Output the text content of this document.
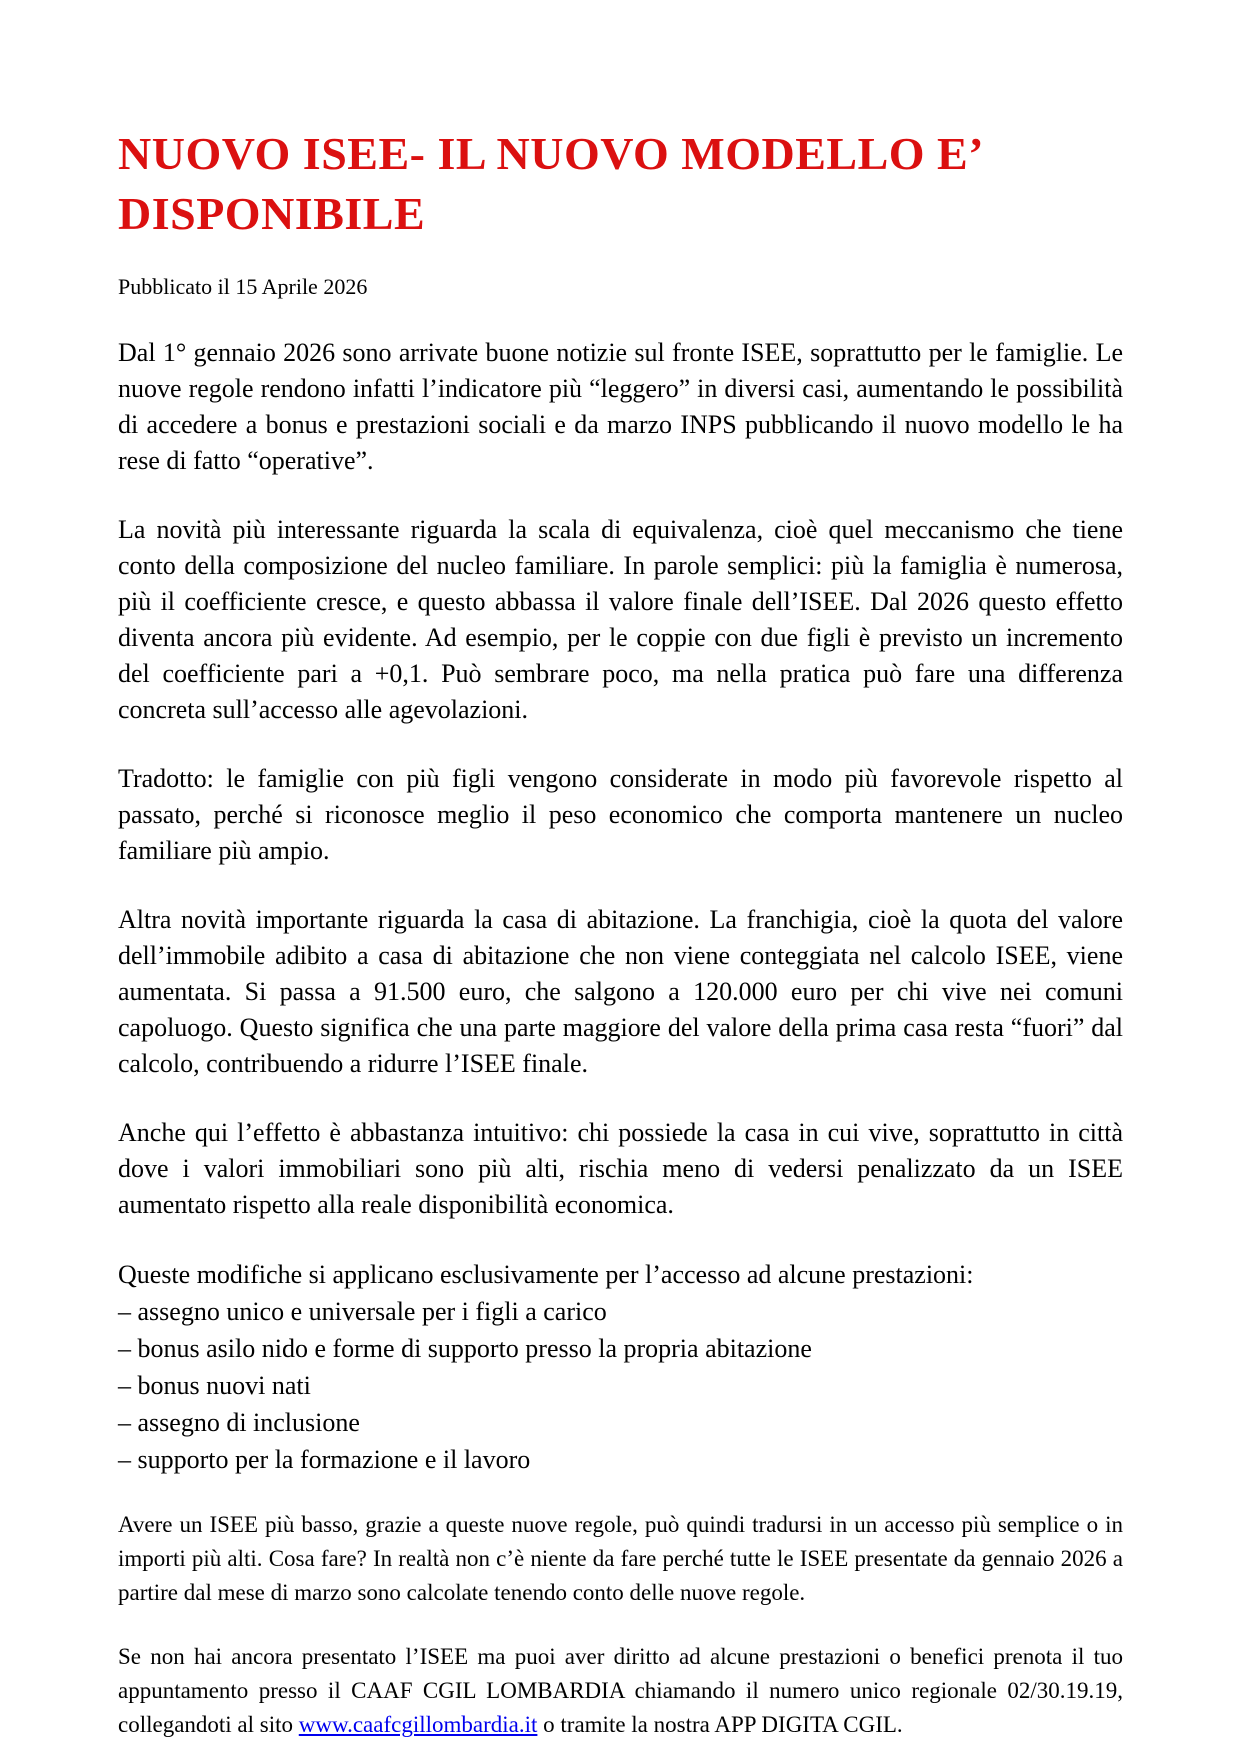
NUOVO ISEE- IL NUOVO MODELLO E’ DISPONIBILE

Pubblicato il 15 Aprile 2026

Dal 1° gennaio 2026 sono arrivate buone notizie sul fronte ISEE, soprattutto per le famiglie. Le nuove regole rendono infatti l’indicatore più “leggero” in diversi casi, aumentando le possibilità di accedere a bonus e prestazioni sociali e da marzo INPS pubblicando il nuovo modello le ha rese di fatto “operative”.

La novità più interessante riguarda la scala di equivalenza, cioè quel meccanismo che tiene conto della composizione del nucleo familiare. In parole semplici: più la famiglia è numerosa, più il coefficiente cresce, e questo abbassa il valore finale dell’ISEE. Dal 2026 questo effetto diventa ancora più evidente. Ad esempio, per le coppie con due figli è previsto un incremento del coefficiente pari a +0,1. Può sembrare poco, ma nella pratica può fare una differenza concreta sull’accesso alle agevolazioni.

Tradotto: le famiglie con più figli vengono considerate in modo più favorevole rispetto al passato, perché si riconosce meglio il peso economico che comporta mantenere un nucleo familiare più ampio.

Altra novità importante riguarda la casa di abitazione. La franchigia, cioè la quota del valore dell’immobile adibito a casa di abitazione che non viene conteggiata nel calcolo ISEE, viene aumentata. Si passa a 91.500 euro, che salgono a 120.000 euro per chi vive nei comuni capoluogo. Questo significa che una parte maggiore del valore della prima casa resta “fuori” dal calcolo, contribuendo a ridurre l’ISEE finale.

Anche qui l’effetto è abbastanza intuitivo: chi possiede la casa in cui vive, soprattutto in città dove i valori immobiliari sono più alti, rischia meno di vedersi penalizzato da un ISEE aumentato rispetto alla reale disponibilità economica.

Queste modifiche si applicano esclusivamente per l’accesso ad alcune prestazioni:

– assegno unico e universale per i figli a carico

– bonus asilo nido e forme di supporto presso la propria abitazione

– bonus nuovi nati

– assegno di inclusione

– supporto per la formazione e il lavoro

Avere un ISEE più basso, grazie a queste nuove regole, può quindi tradursi in un accesso più semplice o in importi più alti. Cosa fare? In realtà non c’è niente da fare perché tutte le ISEE presentate da gennaio 2026 a partire dal mese di marzo sono calcolate tenendo conto delle nuove regole.

Se non hai ancora presentato l’ISEE ma puoi aver diritto ad alcune prestazioni o benefici prenota il tuo appuntamento presso il CAAF CGIL LOMBARDIA chiamando il numero unico regionale 02/30.19.19, collegandoti al sito www.caafcgillombardia.it o tramite la nostra APP DIGITA CGIL.
